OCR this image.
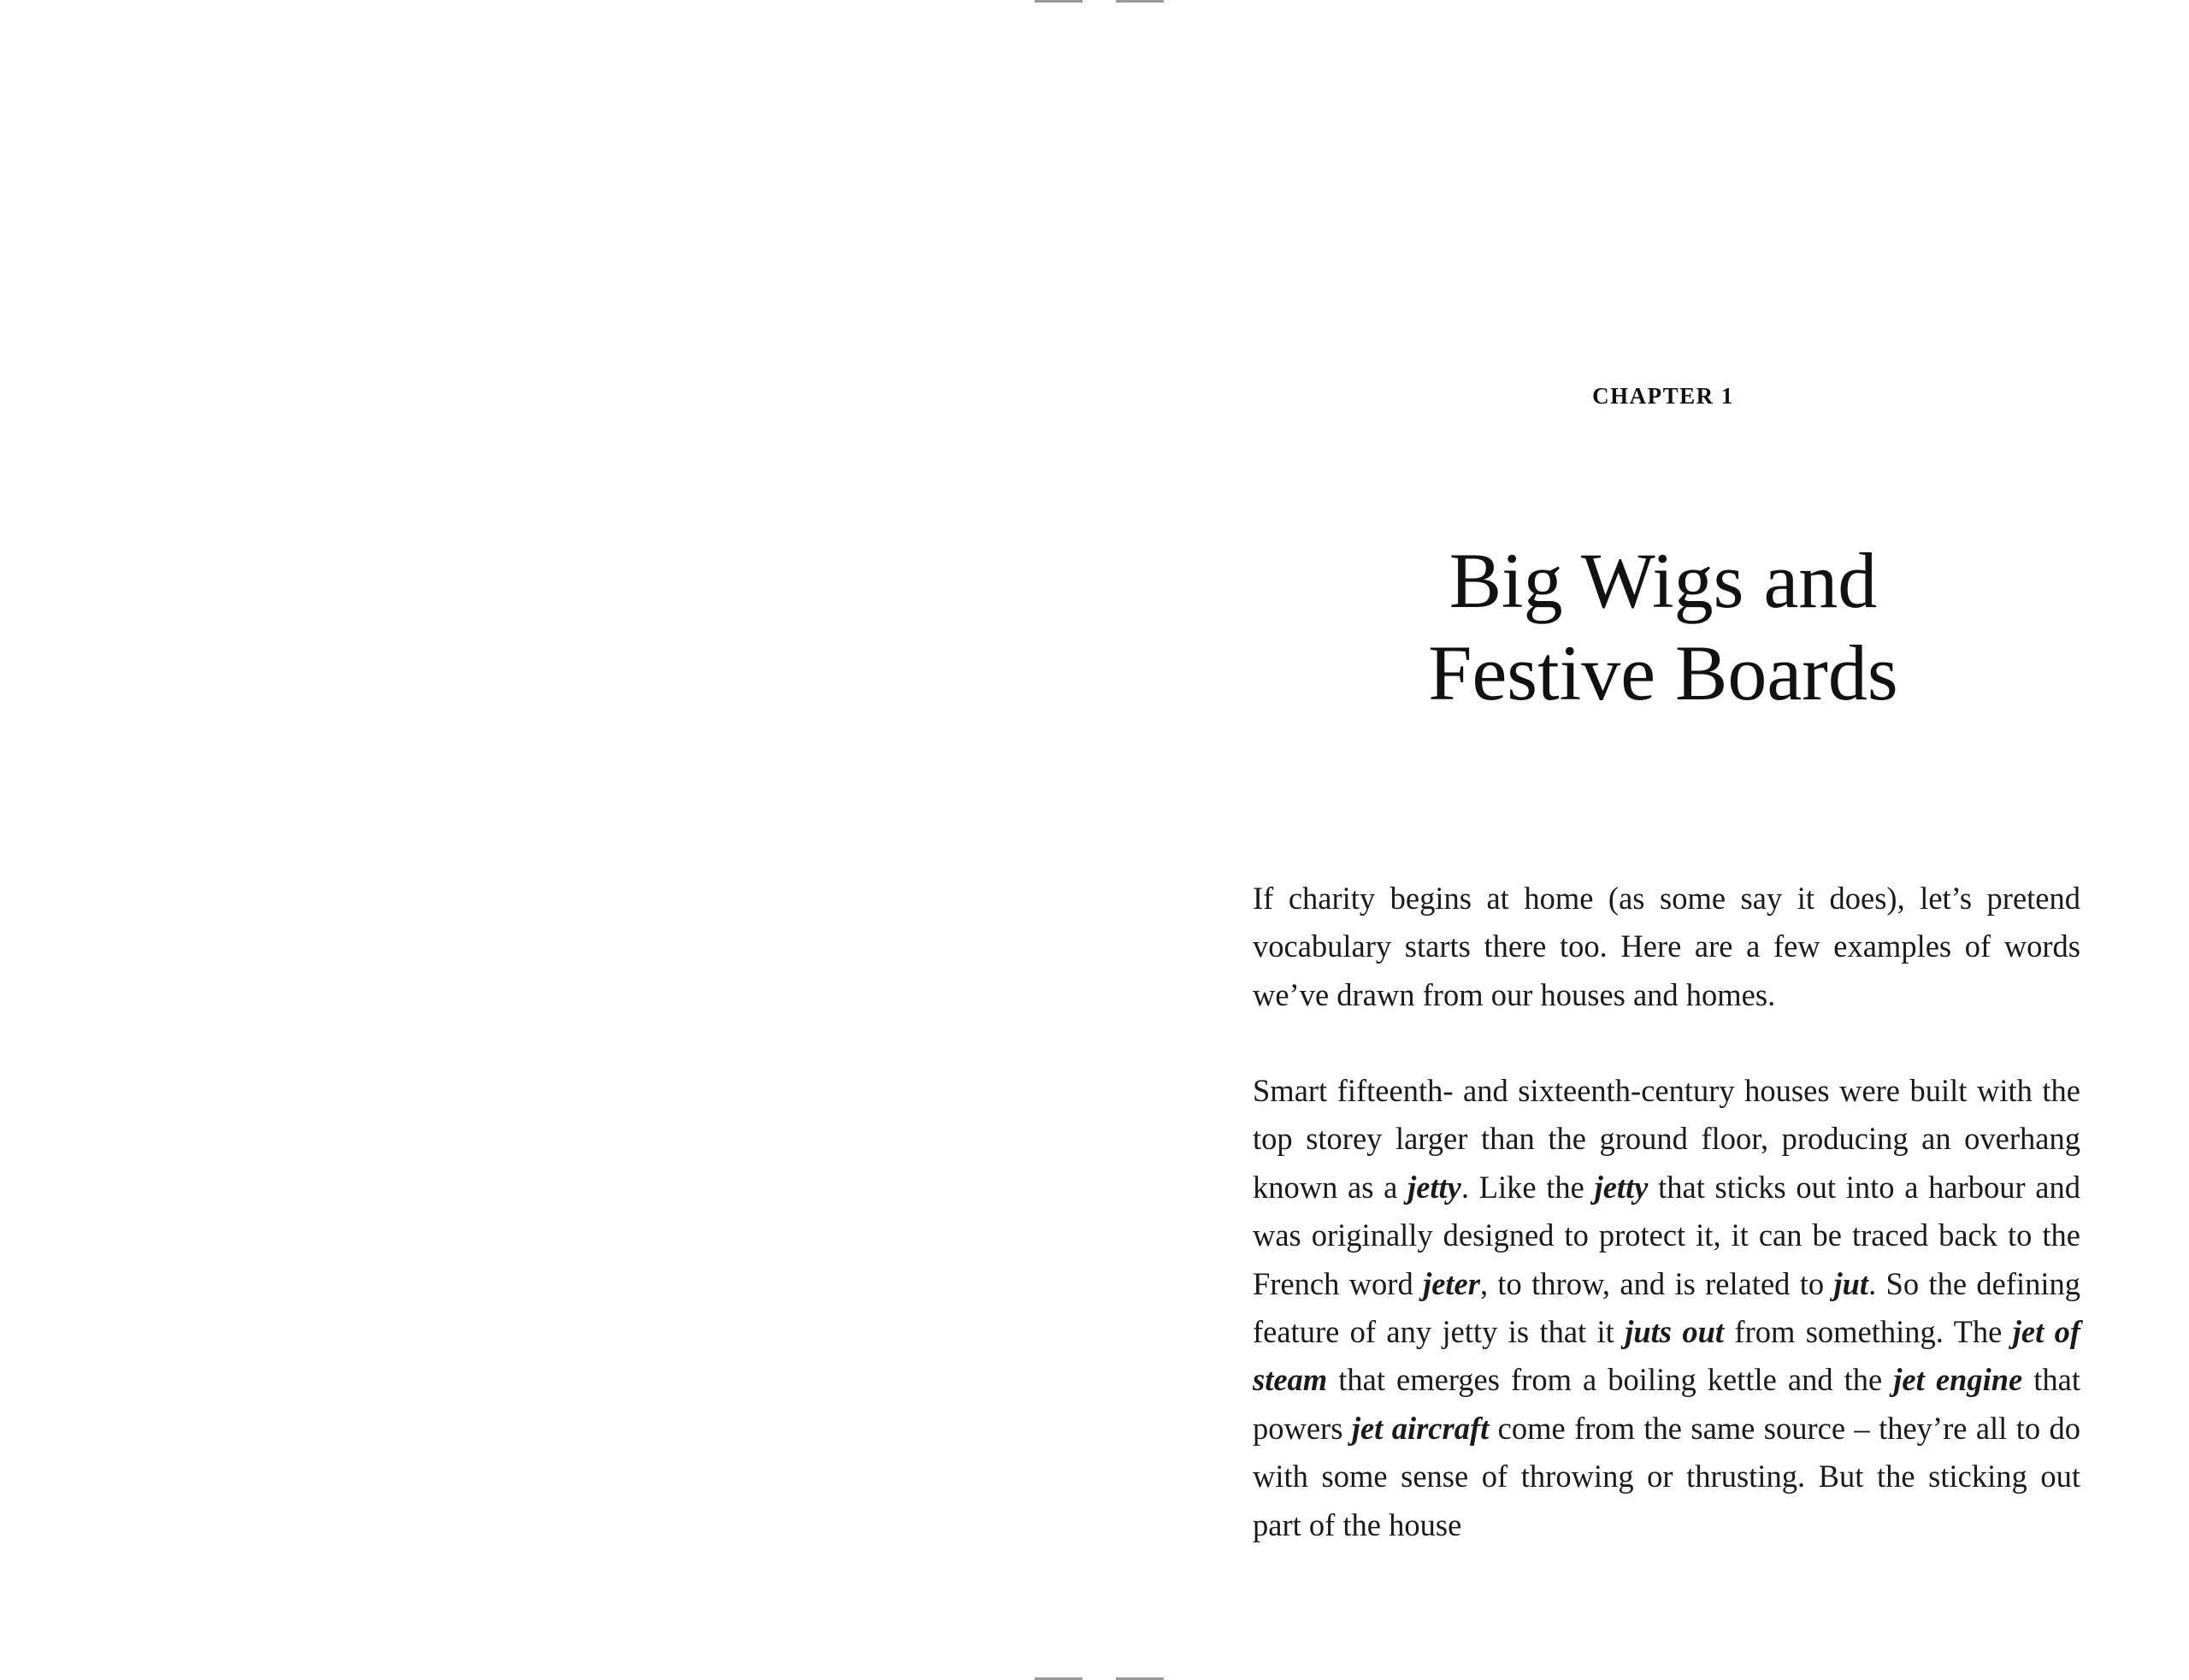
CHAPTER 1
Big Wigs and
Festive Boards

If charity begins at home (as some say it does), let’s pretend vocabulary starts there too. Here are a few examples of words we’ve drawn from our houses and homes.

Smart fifteenth- and sixteenth-century houses were built with the top storey larger than the ground floor, producing an overhang known as a jetty. Like the jetty that sticks out into a harbour and was originally designed to protect it, it can be traced back to the French word jeter, to throw, and is related to jut. So the defining feature of any jetty is that it juts out from something. The jet of steam that emerges from a boiling kettle and the jet engine that powers jet aircraft come from the same source – they’re all to do with some sense of throwing or thrusting. But the sticking out part of the house
